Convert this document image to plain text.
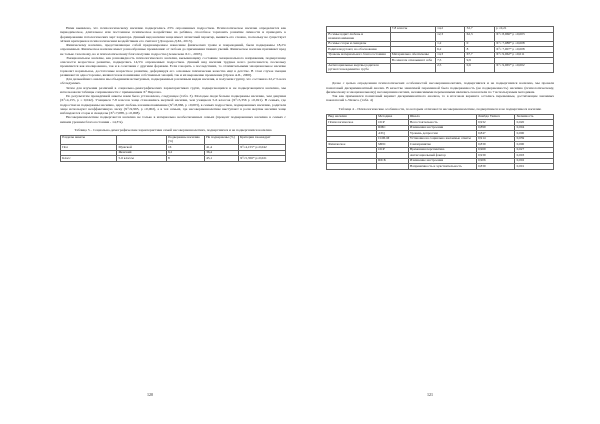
Нами выявлено, что психологическому насилию подвергались 23% опрошенных подростков. Психологическое насилие определяется как периодическое, длительное или постоянное психическое воздействие на ребёнка, способное тормозить развитие личности и приводить к формированию патологических черт характера. Данный вид насилия чаще имеет латентный характер, выявить его сложно, поскольку не существует чётких критериев и психологическим воздействием его считают [Дозорова Д.М., 2013].

Физическому насилию, представляющее собой преднамеренное нанесение физических травм и повреждений, были подвержены 18,2% опрошенных. Физическое насилие имеет разнообразные проявления: от побоев до причинения тяжких увечий. Физическое насилие причиняет вред не только телесному, но и психологическому благополучию подростка [Алексеева Л.С., 2003].

Эмоциональное насилие, как разновидность психологического насилия, вызывающему состояние эмоционального напряжения, подвергающе опасности возрастное развитие, подверглись 14,5% опрошенных подростков. Данный вид насилия труднее всего распознается, поскольку проявляется как изолированно, так и в сочетании с другими формами. Если говорить о последствиях, то отличительными эмоциональное насилие тормозит нормальное, достаточные возрастное развитие, деформируя его основные психические качества ещё в детстве. В этом случае эмоции развиваются односторонне, являются как понимание собственных эмоций, так и их выражение проявление [Орлов А.Б., 2000].

Для дальнейшего анализа мы объединили испытуемых, подверженных различным видам насилия, и получили группу, что составило 22,2 % всех обследуемых.

Затем для изучения различий в социально-демографических характеристиках групп, подвергающихся и не подвергающихся насилию, мы использовали таблицы сопряженности с применением X² Пирсона.

По результатам проведённой анкеты нами было установлено, следующее (табл. 3). Молодые люди больше подвержены насилию, чем девушки (X²=4,155, p = 0,042). Учащиеся 7-8 классов чаще становились жертвой насилия, чем учащиеся 5-6 классов (X²=5,356 p =0,021). В семьях, где подростки не подвержены насилию, царит любовь и взаимопонимание (X²=8,966, p =0,003), в семьях подростков, подверженных насилию, родители чаще используют неэффективную ласку (X²=9,965, p =0,002), а в тех семьях, где несовершеннолетние выступают в роли жертвы насилия чаще наблюдаются ссоры и скандалы (X²=7,088, p =0,008).

Несовершеннолетние подвергаются насилию не только в материально необеспеченных семьях (процент подверженных насилию в семьях с низким уровнем благосостояния - 14,3%).

Таблица 3 – Социально-демографические характеристики семей несовершеннолетних, подвергшихся и не подвергшихся насилию
Разделы анкеты		Подвержены насилию (%)	Не подвержены (%)	Критерии хи-квадрат
Пол	Мужской	16	41,4	X²=4,155* р=0,042
	Женский	6,2	36,4	
Класс	5-6 классы	8	45,1	X²=5,356* р=0,021
120
	7-8 классы	14,2	32,7	р =0,21
В семье царит любовь и взаимопонимание		12,3	62,3	X²= 8,966* р =0,003
В семье ссоры и скандалы		1,2	0	X²= 7,088* р =0,008
Родители ругают, но обоснованно		6,2	8	X²= 7,007* р =0,008
Уровень материального благосостояния	Материально обеспечены	14,3	67,7	X²= 9,062* р =0,011
	Во многом отказывают себе	7,5	9,9	
Антисоциальные жертвы родителя ругаются неадекватно грубо		2,5	0,6	X²= 9,965* р =0,002

Далее с целью определения психологических особенностей несовершеннолетних, подвергшихся и не подвергшихся насилию, мы провели пошаговый дискриминантный анализ. В качестве зависимой переменной была подверженность (не подверженность) насилию (психологическому, физическому и эмоциональному) несовершеннолетних, независимыми переменными являлись показатели по 7 используемым методикам.

Так как применялся пошаговый вариант дискриминантного анализа, то в итоговом варианте остались переменные, достигающие значимых показателей λ-Уилкса. (табл. 4)

Таблица 4 – Психологические особенности, по которым отличаются несовершеннолетние, подвергшиеся и не подвергшиеся насилию
Вид насилия	Методика	Шкала	Лямбда Уилкса	Значимость
Психологическое	ОСР	Несостоятельность	0,932	0,020
	ШБС	Изменения настроения	0,899	0,004
	АТQ	Уровень депрессии	0,847	0,000
	СОП-М	Установка на социально желаемые ответы	0,914	0,039
Физическое	МИС	Самопринятие	0,839	0,000
	ОСР	Временная перспектива	0,969	0,027
		Антисоциальный фактор	0,939	0,003
	ШСБ	Изменение настроения	0,906	0,002
		Напряжённость и чувствительность	0,839	0,001
121
